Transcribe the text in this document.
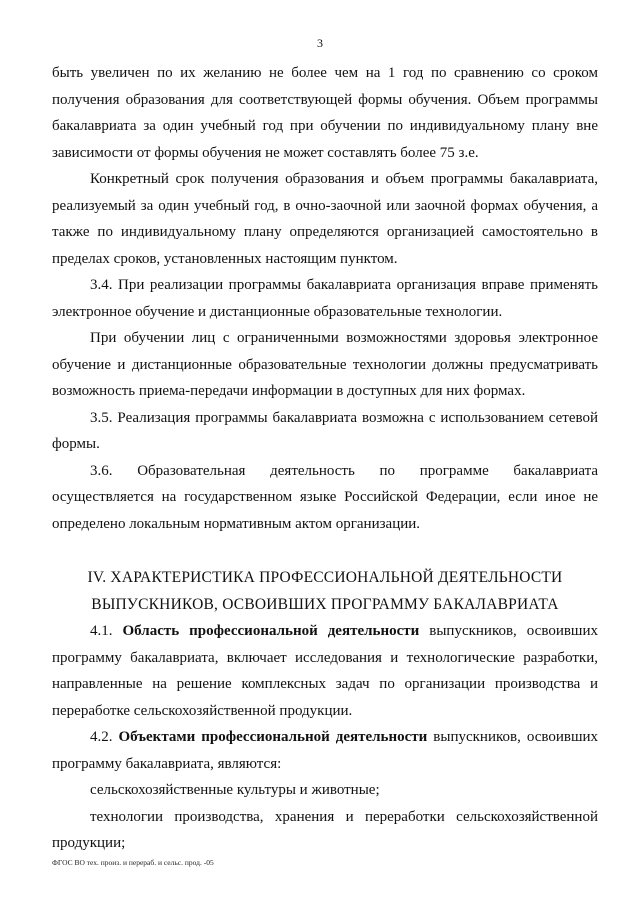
3

быть увеличен по их желанию не более чем на 1 год по сравнению со сроком получения образования для соответствующей формы обучения. Объем программы бакалавриата за один учебный год при обучении по индивидуальному плану вне зависимости от формы обучения не может составлять более 75 з.е.

Конкретный срок получения образования и объем программы бакалавриата, реализуемый за один учебный год, в очно-заочной или заочной формах обучения, а также по индивидуальному плану определяются организацией самостоятельно в пределах сроков, установленных настоящим пунктом.

3.4. При реализации программы бакалавриата организация вправе применять электронное обучение и дистанционные образовательные технологии.

При обучении лиц с ограниченными возможностями здоровья электронное обучение и дистанционные образовательные технологии должны предусматривать возможность приема-передачи информации в доступных для них формах.

3.5. Реализация программы бакалавриата возможна с использованием сетевой формы.

3.6. Образовательная деятельность по программе бакалавриата осуществляется на государственном языке Российской Федерации, если иное не определено локальным нормативным актом организации.

IV. ХАРАКТЕРИСТИКА ПРОФЕССИОНАЛЬНОЙ ДЕЯТЕЛЬНОСТИ

ВЫПУСКНИКОВ, ОСВОИВШИХ ПРОГРАММУ БАКАЛАВРИАТА

4.1. Область профессиональной деятельности выпускников, освоивших программу бакалавриата, включает исследования и технологические разработки, направленные на решение комплексных задач по организации производства и переработке сельскохозяйственной продукции.

4.2. Объектами профессиональной деятельности выпускников, освоивших программу бакалавриата, являются:

сельскохозяйственные культуры и животные;

технологии производства, хранения и переработки сельскохозяйственной продукции;

ФГОС ВО тех. произ. и перераб. и сельс. прод. -05
